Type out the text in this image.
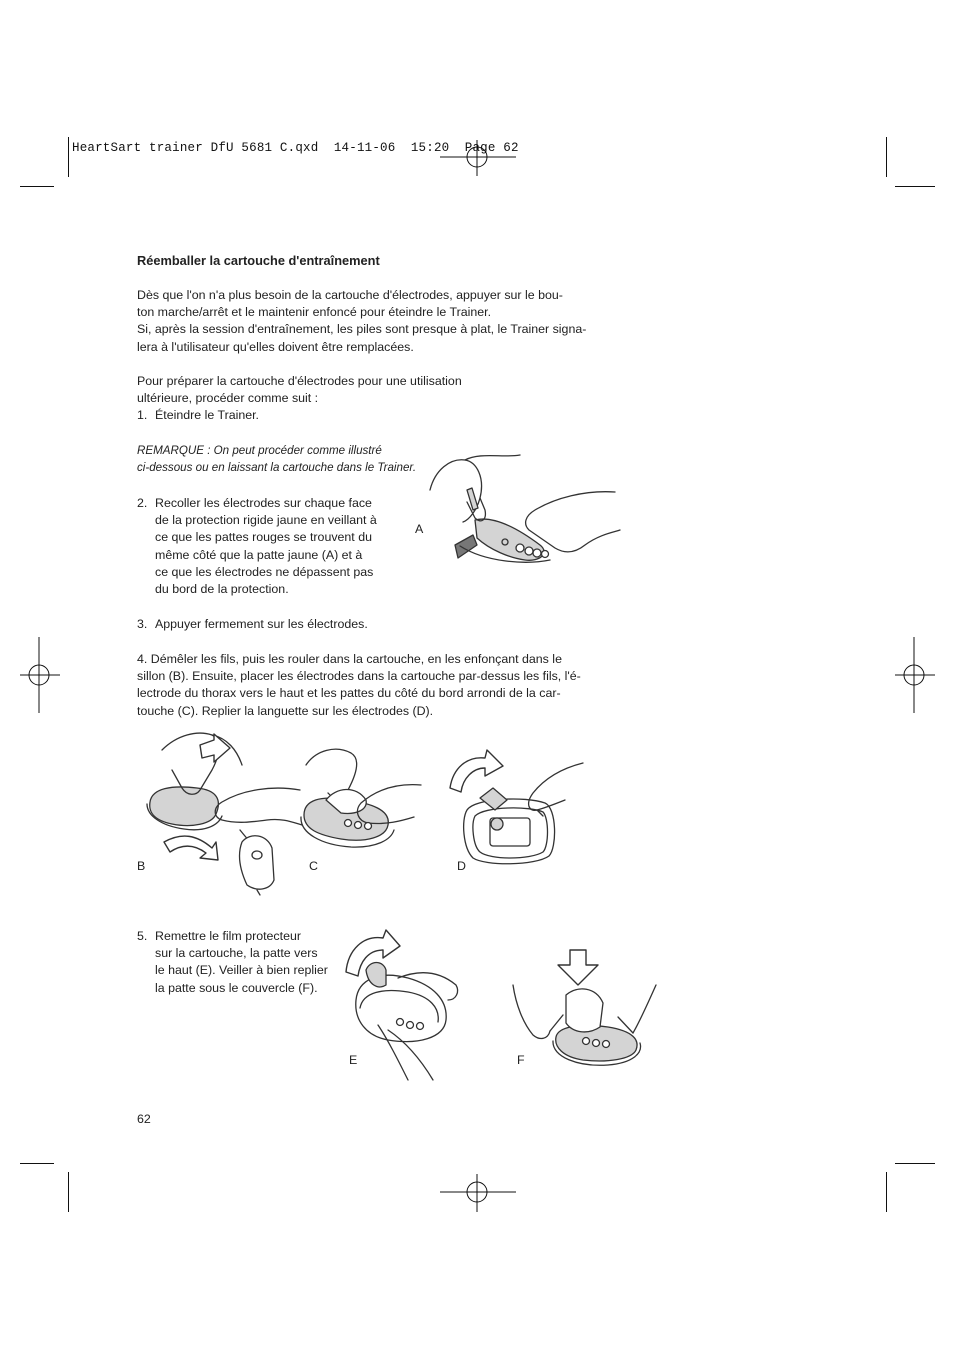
HeartSart trainer DfU 5681 C.qxd  14-11-06  15:20  Page 62
Réemballer la cartouche d'entraînement
Dès que l'on n'a plus besoin de la cartouche d'électrodes, appuyer sur le bou-
ton marche/arrêt et le maintenir enfoncé pour éteindre le Trainer.
Si, après la session d'entraînement, les piles sont presque à plat, le Trainer signa-
lera à l'utilisateur qu'elles doivent être remplacées.
Pour préparer la cartouche d'électrodes pour une utilisation
ultérieure, procéder comme suit :
1. Éteindre le Trainer.
REMARQUE : On peut procéder comme illustré
ci-dessous ou en laissant la cartouche dans le Trainer.
2. Recoller les électrodes sur chaque face
de la protection rigide jaune en veillant à
ce que les pattes rouges se trouvent du
même côté que la patte jaune (A) et à
ce que les électrodes ne dépassent pas
du bord de la protection.
A
3. Appuyer fermement sur les électrodes.
4. Démêler les fils, puis les rouler dans la cartouche, en les enfonçant dans le
sillon (B). Ensuite, placer les électrodes dans la cartouche par-dessus les fils, l'é-
lectrode du thorax vers le haut et les pattes du côté du bord arrondi de la car-
touche (C). Replier la languette sur les électrodes (D).
B	C	D
5. Remettre le film protecteur
sur la cartouche, la patte vers
le haut (E). Veiller à bien replier
la patte sous le couvercle (F).
E	F
62
